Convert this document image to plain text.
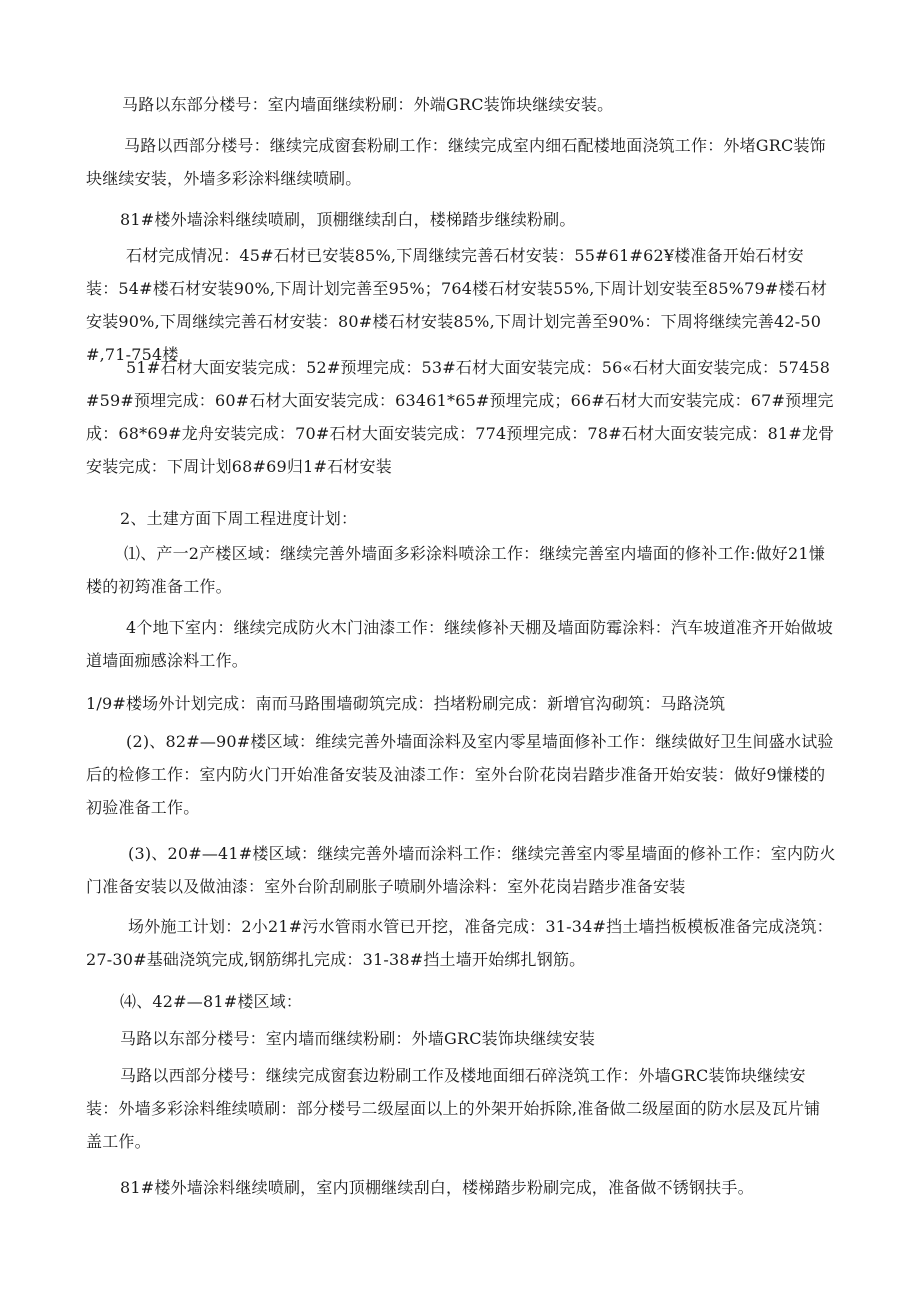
马路以东部分楼号：室内墙面继续粉刷：外端GRC装饰块继续安装。

马路以西部分楼号：继续完成窗套粉刷工作：继续完成室内细石配楼地面浇筑工作：外堵GRC装饰块继续安装，外墙多彩涂料继续喷刷。

81#楼外墙涂料继续喷刷，顶棚继续刮白，楼梯踏步继续粉刷。

石材完成情况：45#石材已安装85%,下周继续完善石材安装：55#61#62¥楼准备开始石材安装：54#楼石材安装90%,下周计划完善至95%；764楼石材安装55%,下周计划安装至85%79#楼石材安装90%,下周继续完善石材安装：80#楼石材安装85%,下周计划完善至90%：下周将继续完善42-50#,71-754楼

51#石材大面安装完成：52#预埋完成：53#石材大面安装完成：56«石材大面安装完成：57458#59#预埋完成：60#石材大面安装完成：63461*65#预埋完成；66#石材大而安装完成：67#预埋完成：68*69#龙舟安装完成：70#石材大面安装完成：774预埋完成：78#石材大面安装完成：81#龙骨安装完成：下周计划68#69归1#石材安装

2、土建方面下周工程进度计划：

⑴、产一2产楼区域：继续完善外墙面多彩涂料喷涂工作：继续完善室内墙面的修补工作:做好21慊楼的初筠准备工作。

4个地下室内：继续完成防火木门油漆工作：继续修补天棚及墙面防霉涂料：汽车坡道准齐开始做坡道墙面痂感涂料工作。

1/9#楼场外计划完成：南而马路围墙砌筑完成：挡堵粉刷完成：新增官沟砌筑：马路浇筑

(2)、82#—90#楼区域：维续完善外墙面涂料及室内零星墙面修补工作：继续做好卫生间盛水试验后的检修工作：室内防火门开始准备安装及油漆工作：室外台阶花岗岩踏步准备开始安装：做好9慊楼的初验准备工作。

(3)、20#—41#楼区域：继续完善外墙而涂料工作：继续完善室内零星墙面的修补工作：室内防火门准备安装以及做油漆：室外台阶刮刷胀子喷刷外墙涂料：室外花岗岩踏步准备安装

场外施工计划：2小21#污水管雨水管已开挖，准备完成：31-34#挡土墙挡板模板准备完成浇筑：27-30#基础浇筑完成,钢筋绑扎完成：31-38#挡土墙开始绑扎钢筋。

⑷、42#—81#楼区域：

马路以东部分楼号：室内墙而继续粉刷：外墙GRC装饰块继续安装

马路以西部分楼号：继续完成窗套边粉刷工作及楼地面细石碎浇筑工作：外墙GRC装饰块继续安装：外墙多彩涂料维续喷刷：部分楼号二级屋面以上的外架开始拆除,准备做二级屋面的防水层及瓦片铺盖工作。

81#楼外墙涂料继续喷刷，室内顶棚继续刮白，楼梯踏步粉刷完成，准备做不锈钢扶手。
